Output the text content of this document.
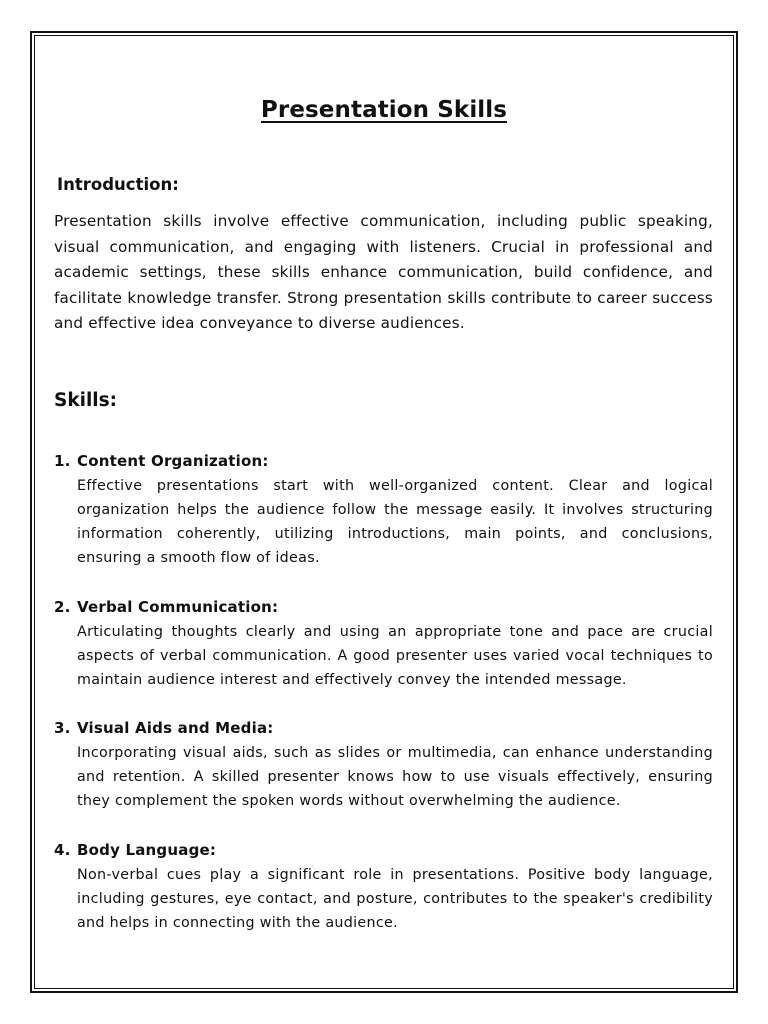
Presentation Skills
Introduction:

Presentation skills involve effective communication, including public speaking, visual communication, and engaging with listeners. Crucial in professional and academic settings, these skills enhance communication, build confidence, and facilitate knowledge transfer. Strong presentation skills contribute to career success and effective idea conveyance to diverse audiences.

Skills:
1. Content Organization:

Effective presentations start with well-organized content. Clear and logical organization helps the audience follow the message easily. It involves structuring information coherently, utilizing introductions, main points, and conclusions, ensuring a smooth flow of ideas.

2. Verbal Communication:

Articulating thoughts clearly and using an appropriate tone and pace are crucial aspects of verbal communication. A good presenter uses varied vocal techniques to maintain audience interest and effectively convey the intended message.

3. Visual Aids and Media:

Incorporating visual aids, such as slides or multimedia, can enhance understanding and retention. A skilled presenter knows how to use visuals effectively, ensuring they complement the spoken words without overwhelming the audience.

4. Body Language:

Non-verbal cues play a significant role in presentations. Positive body language, including gestures, eye contact, and posture, contributes to the speaker's credibility and helps in connecting with the audience.
